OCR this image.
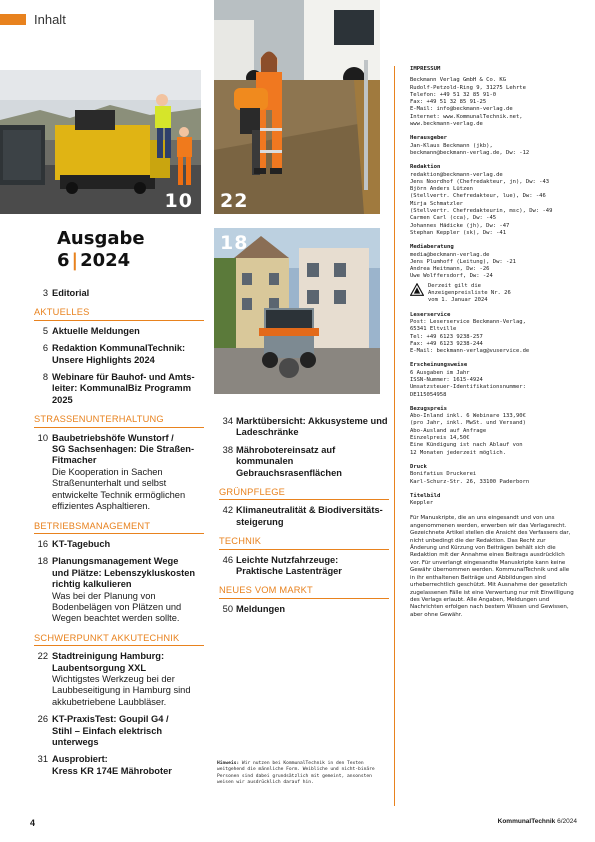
Inhalt
10 22
18
Ausgabe
6 | 2024
3 Editorial
AKTUELLES
5 Aktuelle Meldungen
6 Redaktion KommunalTechnik:
Unsere Highlights 2024
8 Webinare für Bauhof- und Amts-
leiter: KommunalBiz Programm 2025
STRASSENUNTERHALTUNG
10 Baubetriebshöfe Wunstorf /
SG Sachsenhagen: Die Straßen-Fitmacher
Die Kooperation in Sachen Straßenunterhalt und selbst entwickelte Technik ermöglichen effizientes Asphaltieren.
BETRIEBSMANAGEMENT
16 KT-Tagebuch
18 Planungsmanagement Wege
und Plätze: Lebenszykluskosten richtig kalkulieren
Was bei der Planung von Bodenbelägen von Plätzen und Wegen beachtet werden sollte.
SCHWERPUNKT AKKUTECHNIK
22 Stadtreinigung Hamburg:
Laubentsorgung XXL
Wichtigstes Werkzeug bei der Laubbeseitigung in Hamburg sind akkubetriebene Laubbläser.
26 KT-PraxisTest: Goupil G4 /
Stihl – Einfach elektrisch unterwegs
31 Ausprobiert:
Kress KR 174E Mähroboter
34 Marktübersicht: Akkusysteme und
Ladeschränke
38 Mährobotereinsatz auf kommunalen
Gebrauchsrasenflächen
GRÜNPFLEGE
42 Klimaneutralität & Biodiversitäts-
steigerung
TECHNIK
46 Leichte Nutzfahrzeuge:
Praktische Lastenträger
NEUES VOM MARKT
50 Meldungen
Hinweis: Wir nutzen bei KommunalTechnik in den Texten weitgehend die männliche Form. Weibliche und nicht-binäre Personen sind dabei grundsätzlich mit gemeint, ansonsten weisen wir ausdrücklich darauf hin.
IMPRESSUM

Beckmann Verlag GmbH & Co. KG
Rudolf-Petzold-Ring 9, 31275 Lehrte
Telefon: +49 51 32 85 91-0
Fax: +49 51 32 85 91-25
E-Mail: info@beckmann-verlag.de
Internet: www.KommunalTechnik.net,
www.beckmann-verlag.de

Herausgeber

Jan-Klaus Beckmann (jkb),
beckmann@beckmann-verlag.de, Dw: -12

Redaktion

redaktion@beckmann-verlag.de
Jens Noordhof (Chefredakteur, jn), Dw: -43
Björn Anders Lützen
(Stellvertr. Chefredakteur, lue), Dw: -46
Mirja Schmatzler
(Stellvertr. Chefredakteurin, msc), Dw: -49
Carmen Carl (cca), Dw: -45
Johannes Hädicke (jh), Dw: -47
Stephan Keppler (sk), Dw: -41

Mediaberatung

media@beckmann-verlag.de
Jens Plumhoff (Leitung), Dw: -21
Andrea Heitmann, Dw: -26
Uwe Wolffersdorf, Dw: -24

Derzeit gilt die
Anzeigenpreisliste Nr. 26
vom 1. Januar 2024

Leserservice

Post: Leserservice Beckmann-Verlag,
65341 Eltville
Tel: +49 6123 9238-257
Fax: +49 6123 9238-244
E-Mail: beckmann-verlag@vuservice.de

Erscheinungsweise

6 Ausgaben im Jahr
ISSN-Nummer: 1615-4924
Umsatzsteuer-Identifikationsnummer:
DE115054958

Bezugspreis

Abo-Inland inkl. 6 Webinare 133,90€
(pro Jahr, inkl. MwSt. und Versand)
Abo-Ausland auf Anfrage
Einzelpreis 14,50€
Eine Kündigung ist nach Ablauf von
12 Monaten jederzeit möglich.

Druck

Bonifatius Druckerei
Karl-Schurz-Str. 26, 33100 Paderborn

Titelbild

Keppler

Für Manuskripte, die an uns eingesandt und von uns angenommenen werden, erwerben wir das Verlagsrecht. Gezeichnete Artikel stellen die Ansicht des Verfassers dar, nicht unbedingt die der Redaktion. Das Recht zur Änderung und Kürzung von Beiträgen behält sich die Redaktion mit der Annahme eines Beitrags ausdrücklich vor. Für unverlangt eingesandte Manuskripte kann keine Gewähr übernommen werden. KommunalTechnik und alle in ihr enthaltenen Beiträge und Abbildungen sind urheberrechtlich geschützt. Mit Ausnahme der gesetzlich zugelassenen Fälle ist eine Verwertung nur mit Einwilligung des Verlags erlaubt. Alle Angaben, Meldungen und Nachrichten erfolgen nach bestem Wissen und Gewissen, aber ohne Gewähr.

4	KommunalTechnik 6/2024
